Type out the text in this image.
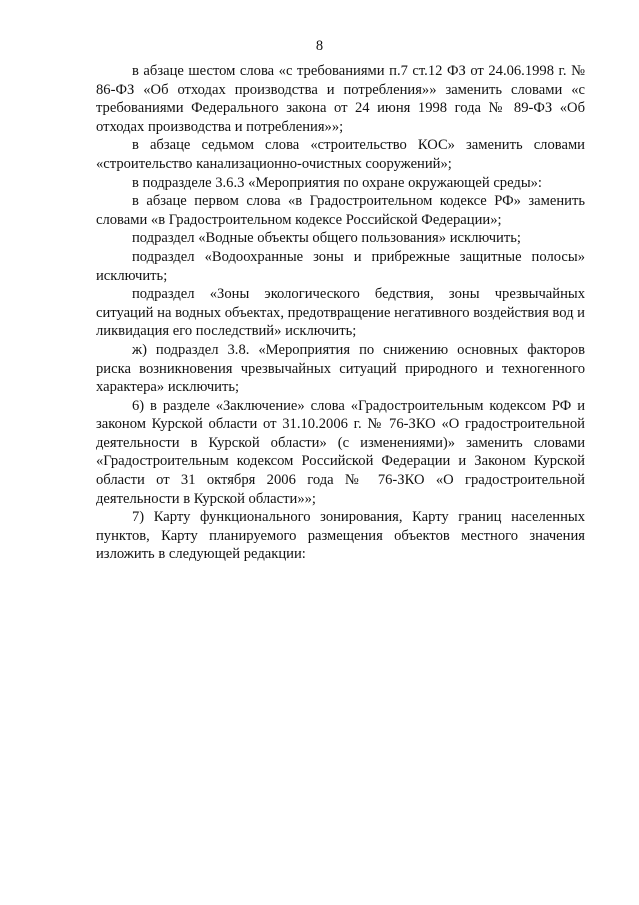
8

в абзаце шестом слова «с требованиями п.7 ст.12 ФЗ от 24.06.1998 г. № 86-ФЗ «Об отходах производства и потребления»» заменить словами «с требованиями Федерального закона от 24 июня 1998 года № 89-ФЗ «Об отходах производства и потребления»»;

в абзаце седьмом слова «строительство КОС» заменить словами «строительство канализационно-очистных сооружений»;

в подразделе 3.6.3 «Мероприятия по охране окружающей среды»:

в абзаце первом слова «в Градостроительном кодексе РФ» заменить словами «в Градостроительном кодексе Российской Федерации»;

подраздел «Водные объекты общего пользования» исключить;

подраздел «Водоохранные зоны и прибрежные защитные полосы» исключить;

подраздел «Зоны экологического бедствия, зоны чрезвычайных ситуаций на водных объектах, предотвращение негативного воздействия вод и ликвидация его последствий» исключить;

ж) подраздел 3.8. «Мероприятия по снижению основных факторов риска возникновения чрезвычайных ситуаций природного и техногенного характера» исключить;

6) в разделе «Заключение» слова «Градостроительным кодексом РФ и законом Курской области от 31.10.2006 г. № 76-ЗКО «О градостроительной деятельности в Курской области» (с изменениями)» заменить словами «Градостроительным кодексом Российской Федерации и Законом Курской области от 31 октября 2006 года № 76-ЗКО «О градостроительной деятельности в Курской области»»;

7) Карту функционального зонирования, Карту границ населенных пунктов, Карту планируемого размещения объектов местного значения изложить в следующей редакции:
